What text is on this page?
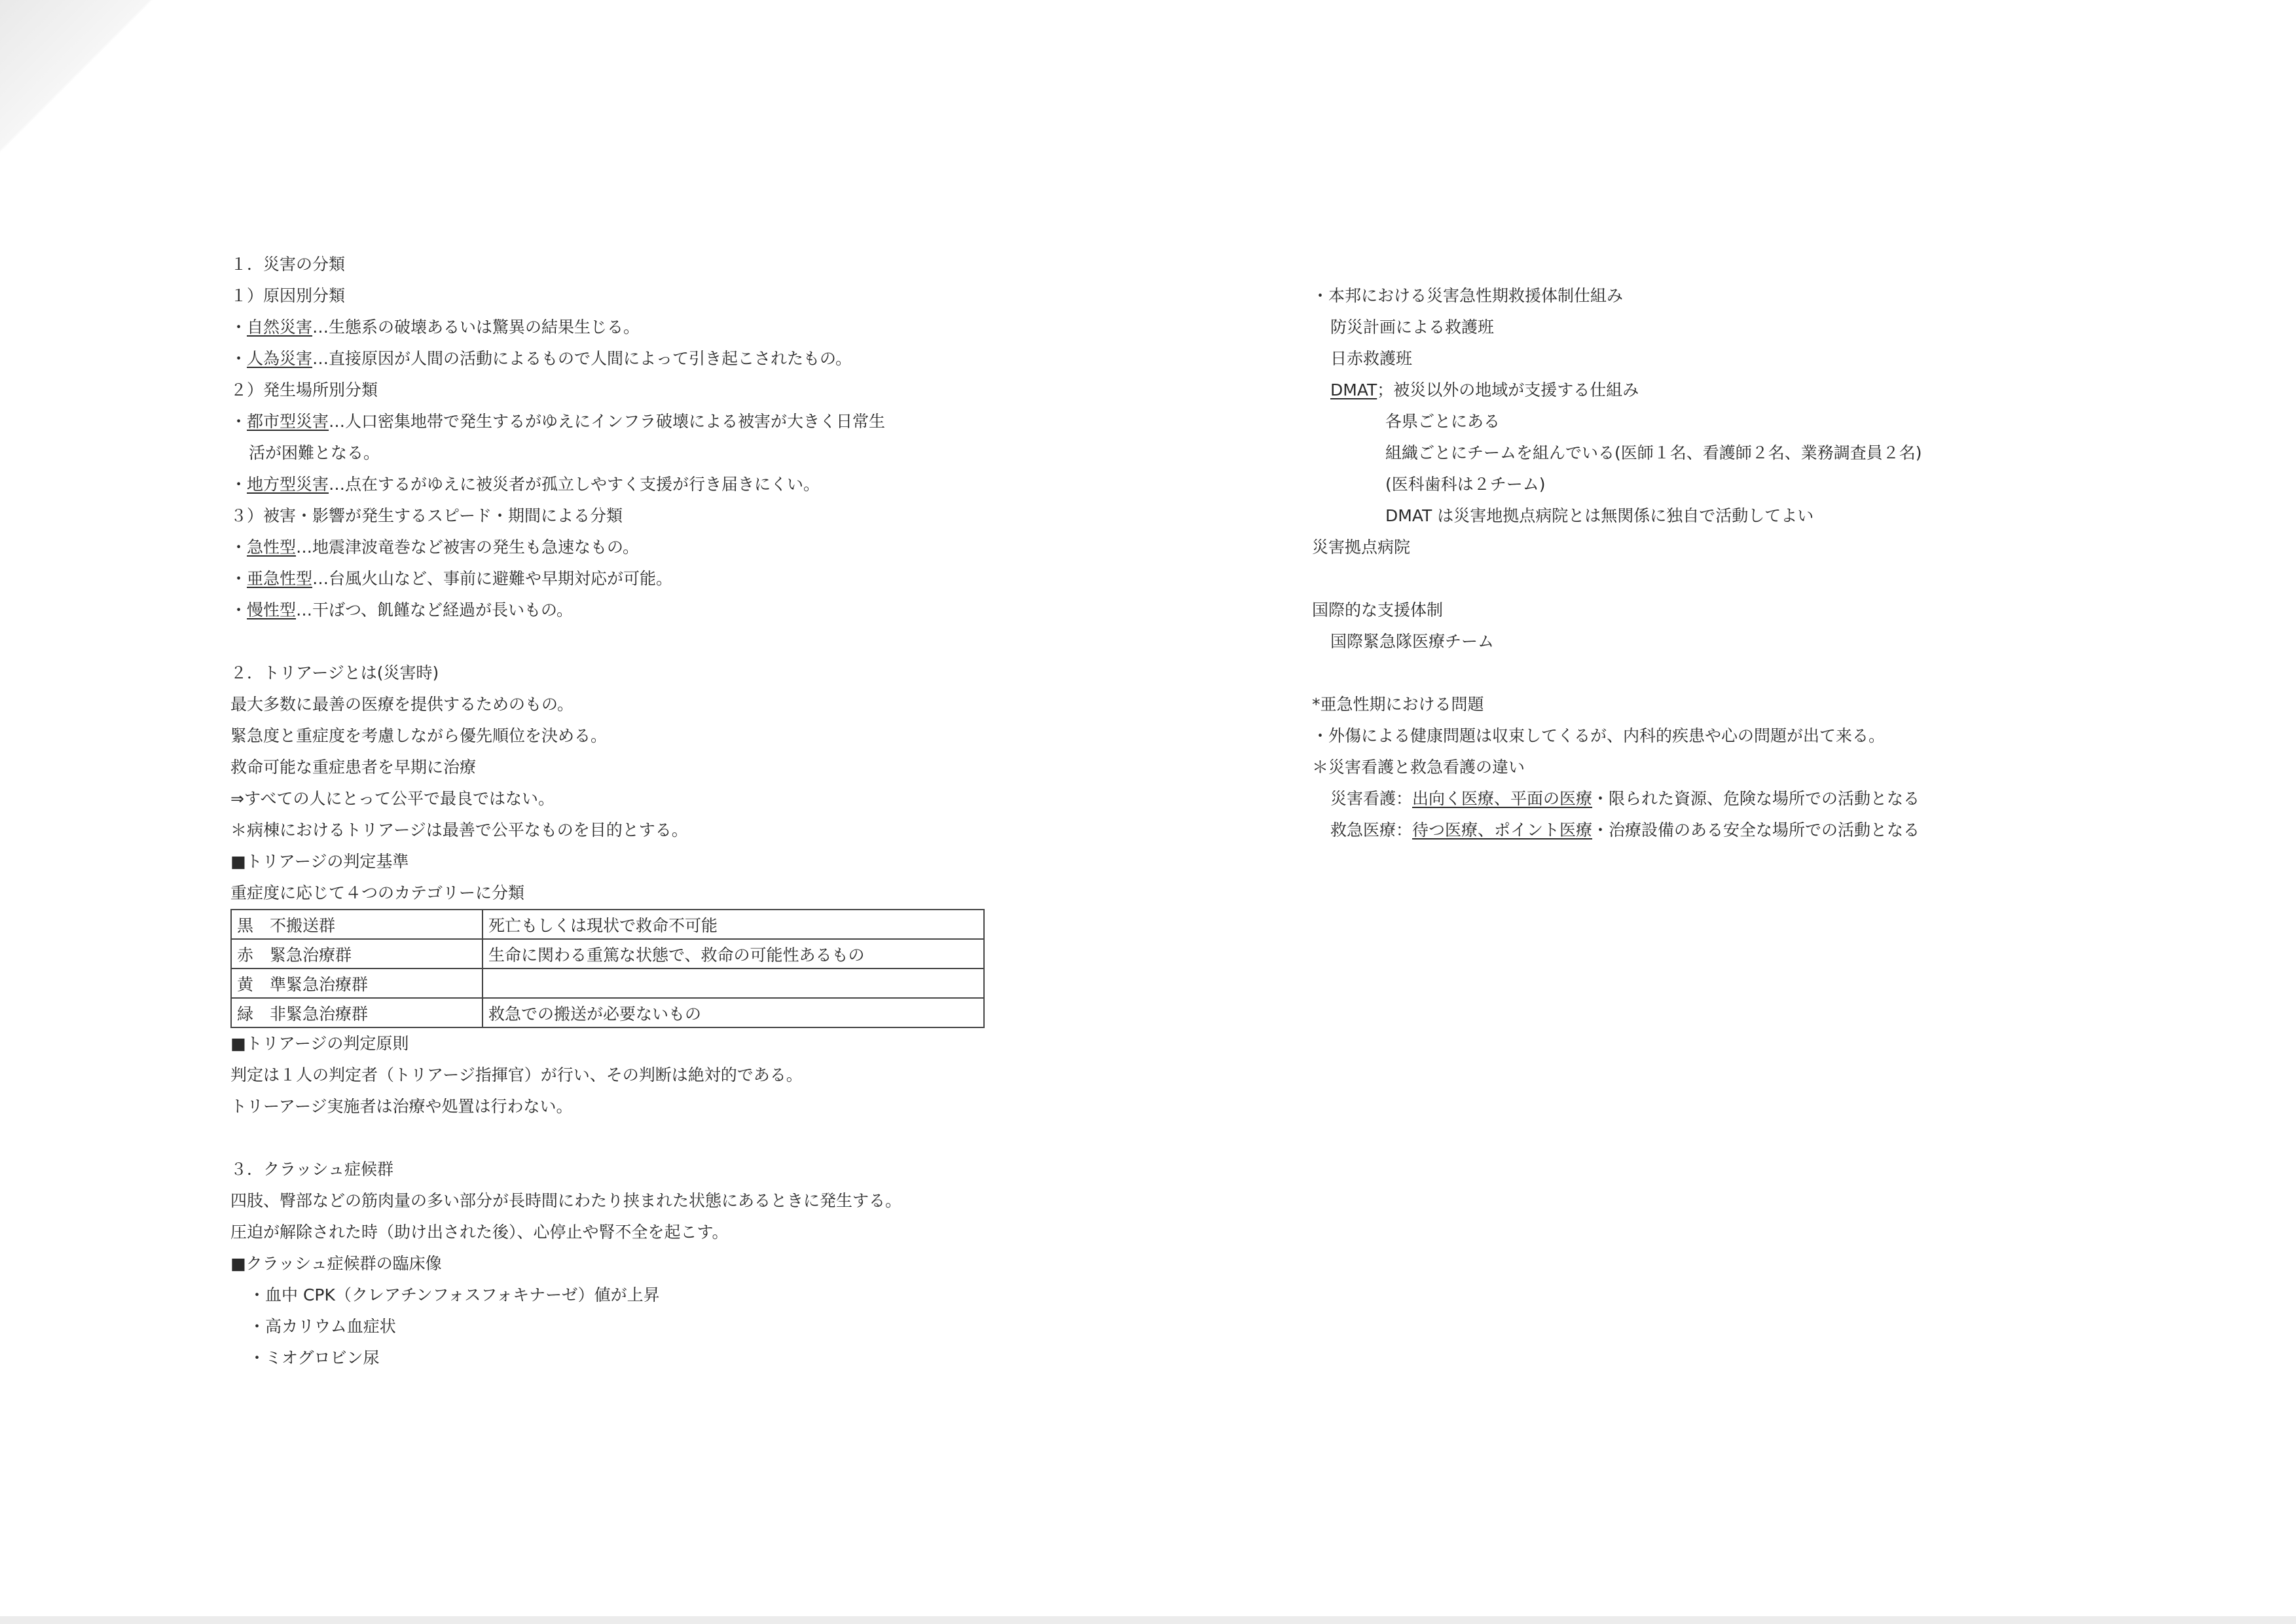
１．災害の分類
１）原因別分類
・自然災害…生態系の破壊あるいは驚異の結果生じる。
・人為災害…直接原因が人間の活動によるもので人間によって引き起こされたもの。
２）発生場所別分類
・都市型災害…人口密集地帯で発生するがゆえにインフラ破壊による被害が大きく日常生
活が困難となる。
・地方型災害…点在するがゆえに被災者が孤立しやすく支援が行き届きにくい。
３）被害・影響が発生するスピード・期間による分類
・急性型…地震津波竜巻など被害の発生も急速なもの。
・亜急性型…台風火山など、事前に避難や早期対応が可能。
・慢性型…干ばつ、飢饉など経過が長いもの。
２．トリアージとは(災害時)
最大多数に最善の医療を提供するためのもの。
緊急度と重症度を考慮しながら優先順位を決める。
救命可能な重症患者を早期に治療
⇒すべての人にとって公平で最良ではない。
＊病棟におけるトリアージは最善で公平なものを目的とする。
■トリアージの判定基準
重症度に応じて４つのカテゴリーに分類
黒　不搬送群	死亡もしくは現状で救命不可能
赤　緊急治療群	生命に関わる重篤な状態で、救命の可能性あるもの
黄　準緊急治療群	
緑　非緊急治療群	救急での搬送が必要ないもの
■トリアージの判定原則
判定は１人の判定者（トリアージ指揮官）が行い、その判断は絶対的である。
トリーアージ実施者は治療や処置は行わない。
３．クラッシュ症候群
四肢、臀部などの筋肉量の多い部分が長時間にわたり挟まれた状態にあるときに発生する。
圧迫が解除された時（助け出された後）、心停止や腎不全を起こす。
■クラッシュ症候群の臨床像
・血中 CPK（クレアチンフォスフォキナーゼ）値が上昇
・高カリウム血症状
・ミオグロビン尿
・本邦における災害急性期救援体制仕組み
防災計画による救護班
日赤救護班
DMAT；被災以外の地域が支援する仕組み
各県ごとにある
組織ごとにチームを組んでいる(医師１名、看護師２名、業務調査員２名)
(医科歯科は２チーム)
DMAT は災害地拠点病院とは無関係に独自で活動してよい
災害拠点病院
国際的な支援体制
国際緊急隊医療チーム
*亜急性期における問題
・外傷による健康問題は収束してくるが、内科的疾患や心の問題が出て来る。
＊災害看護と救急看護の違い
災害看護：出向く医療、平面の医療・限られた資源、危険な場所での活動となる
救急医療：待つ医療、ポイント医療・治療設備のある安全な場所での活動となる
